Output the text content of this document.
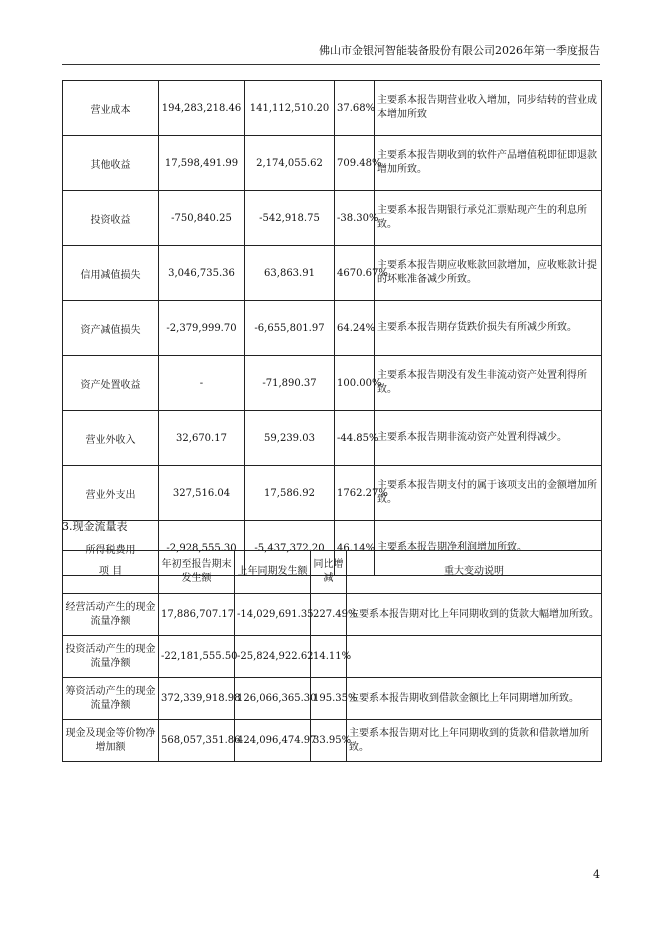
佛山市金银河智能装备股份有限公司2026年第一季度报告
营业成本	194,283,218.46	141,112,510.20	37.68%	主要系本报告期营业收入增加，同步结转的营业成本增加所致
其他收益	17,598,491.99	2,174,055.62	709.48%	主要系本报告期收到的软件产品增值税即征即退款增加所致。
投资收益	-750,840.25	-542,918.75	-38.30%	主要系本报告期银行承兑汇票贴现产生的利息所致。
信用减值损失	3,046,735.36	63,863.91	4670.67%	主要系本报告期应收账款回款增加，应收账款计提的坏账准备减少所致。
资产减值损失	-2,379,999.70	-6,655,801.97	64.24%	主要系本报告期存货跌价损失有所减少所致。
资产处置收益	-	-71,890.37	100.00%	主要系本报告期没有发生非流动资产处置利得所致。
营业外收入	32,670.17	59,239.03	-44.85%	主要系本报告期非流动资产处置利得减少。
营业外支出	327,516.04	17,586.92	1762.27%	主要系本报告期支付的属于该项支出的金额增加所致。
所得税费用	-2,928,555.30	-5,437,372.20	46.14%	主要系本报告期净利润增加所致。
3.现金流量表
项 目	年初至报告期末发生额	上年同期发生额	同比增减	重大变动说明
经营活动产生的现金流量净额	17,886,707.17	-14,029,691.35	227.49%	主要系本报告期对比上年同期收到的货款大幅增加所致。
投资活动产生的现金流量净额	-22,181,555.50	-25,824,922.62	14.11%	
筹资活动产生的现金流量净额	372,339,918.98	126,066,365.30	195.35%	主要系本报告期收到借款金额比上年同期增加所致。
现金及现金等价物净增加额	568,057,351.86	424,096,474.97	33.95%	主要系本报告期对比上年同期收到的货款和借款增加所致。
4
